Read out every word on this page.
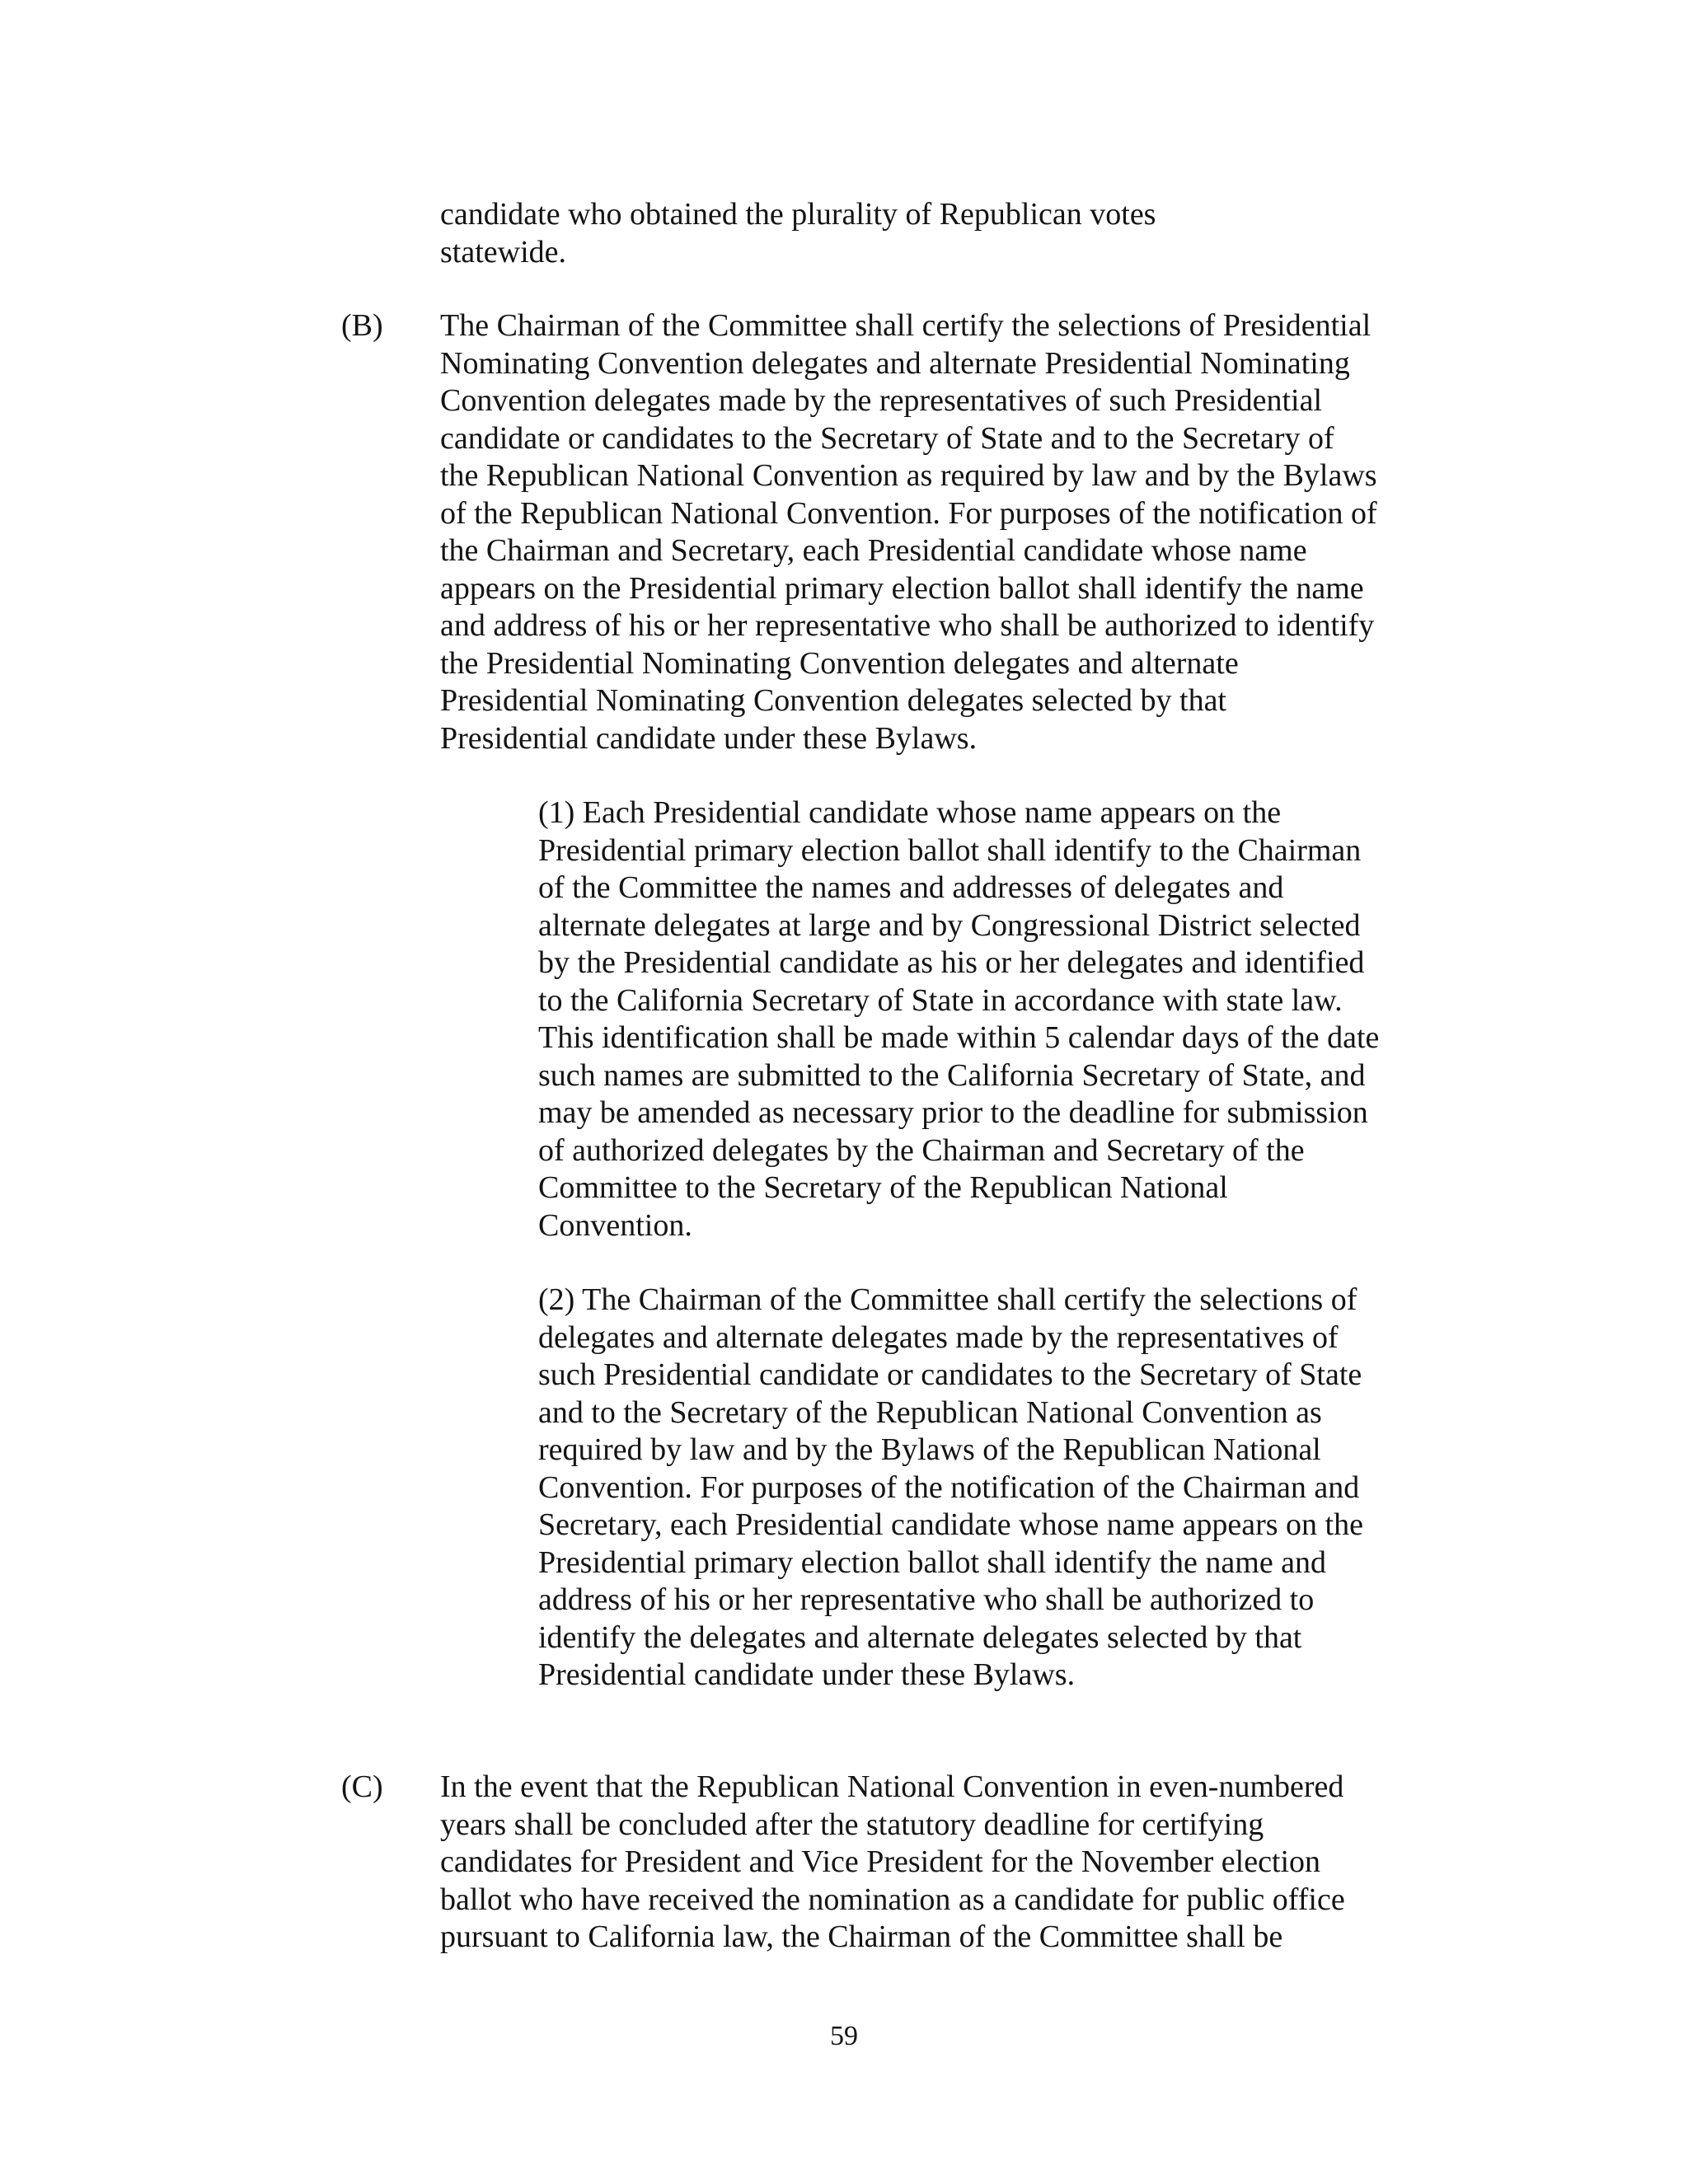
candidate who obtained the plurality of Republican votes
statewide.
(B) The Chairman of the Committee shall certify the selections of Presidential
Nominating Convention delegates and alternate Presidential Nominating
Convention delegates made by the representatives of such Presidential
candidate or candidates to the Secretary of State and to the Secretary of
the Republican National Convention as required by law and by the Bylaws
of the Republican National Convention. For purposes of the notification of
the Chairman and Secretary, each Presidential candidate whose name
appears on the Presidential primary election ballot shall identify the name
and address of his or her representative who shall be authorized to identify
the Presidential Nominating Convention delegates and alternate
Presidential Nominating Convention delegates selected by that
Presidential candidate under these Bylaws.
(1) Each Presidential candidate whose name appears on the
Presidential primary election ballot shall identify to the Chairman
of the Committee the names and addresses of delegates and
alternate delegates at large and by Congressional District selected
by the Presidential candidate as his or her delegates and identified
to the California Secretary of State in accordance with state law.
This identification shall be made within 5 calendar days of the date
such names are submitted to the California Secretary of State, and
may be amended as necessary prior to the deadline for submission
of authorized delegates by the Chairman and Secretary of the
Committee to the Secretary of the Republican National
Convention.
(2) The Chairman of the Committee shall certify the selections of
delegates and alternate delegates made by the representatives of
such Presidential candidate or candidates to the Secretary of State
and to the Secretary of the Republican National Convention as
required by law and by the Bylaws of the Republican National
Convention. For purposes of the notification of the Chairman and
Secretary, each Presidential candidate whose name appears on the
Presidential primary election ballot shall identify the name and
address of his or her representative who shall be authorized to
identify the delegates and alternate delegates selected by that
Presidential candidate under these Bylaws.
(C) In the event that the Republican National Convention in even-numbered
years shall be concluded after the statutory deadline for certifying
candidates for President and Vice President for the November election
ballot who have received the nomination as a candidate for public office
pursuant to California law, the Chairman of the Committee shall be
59
